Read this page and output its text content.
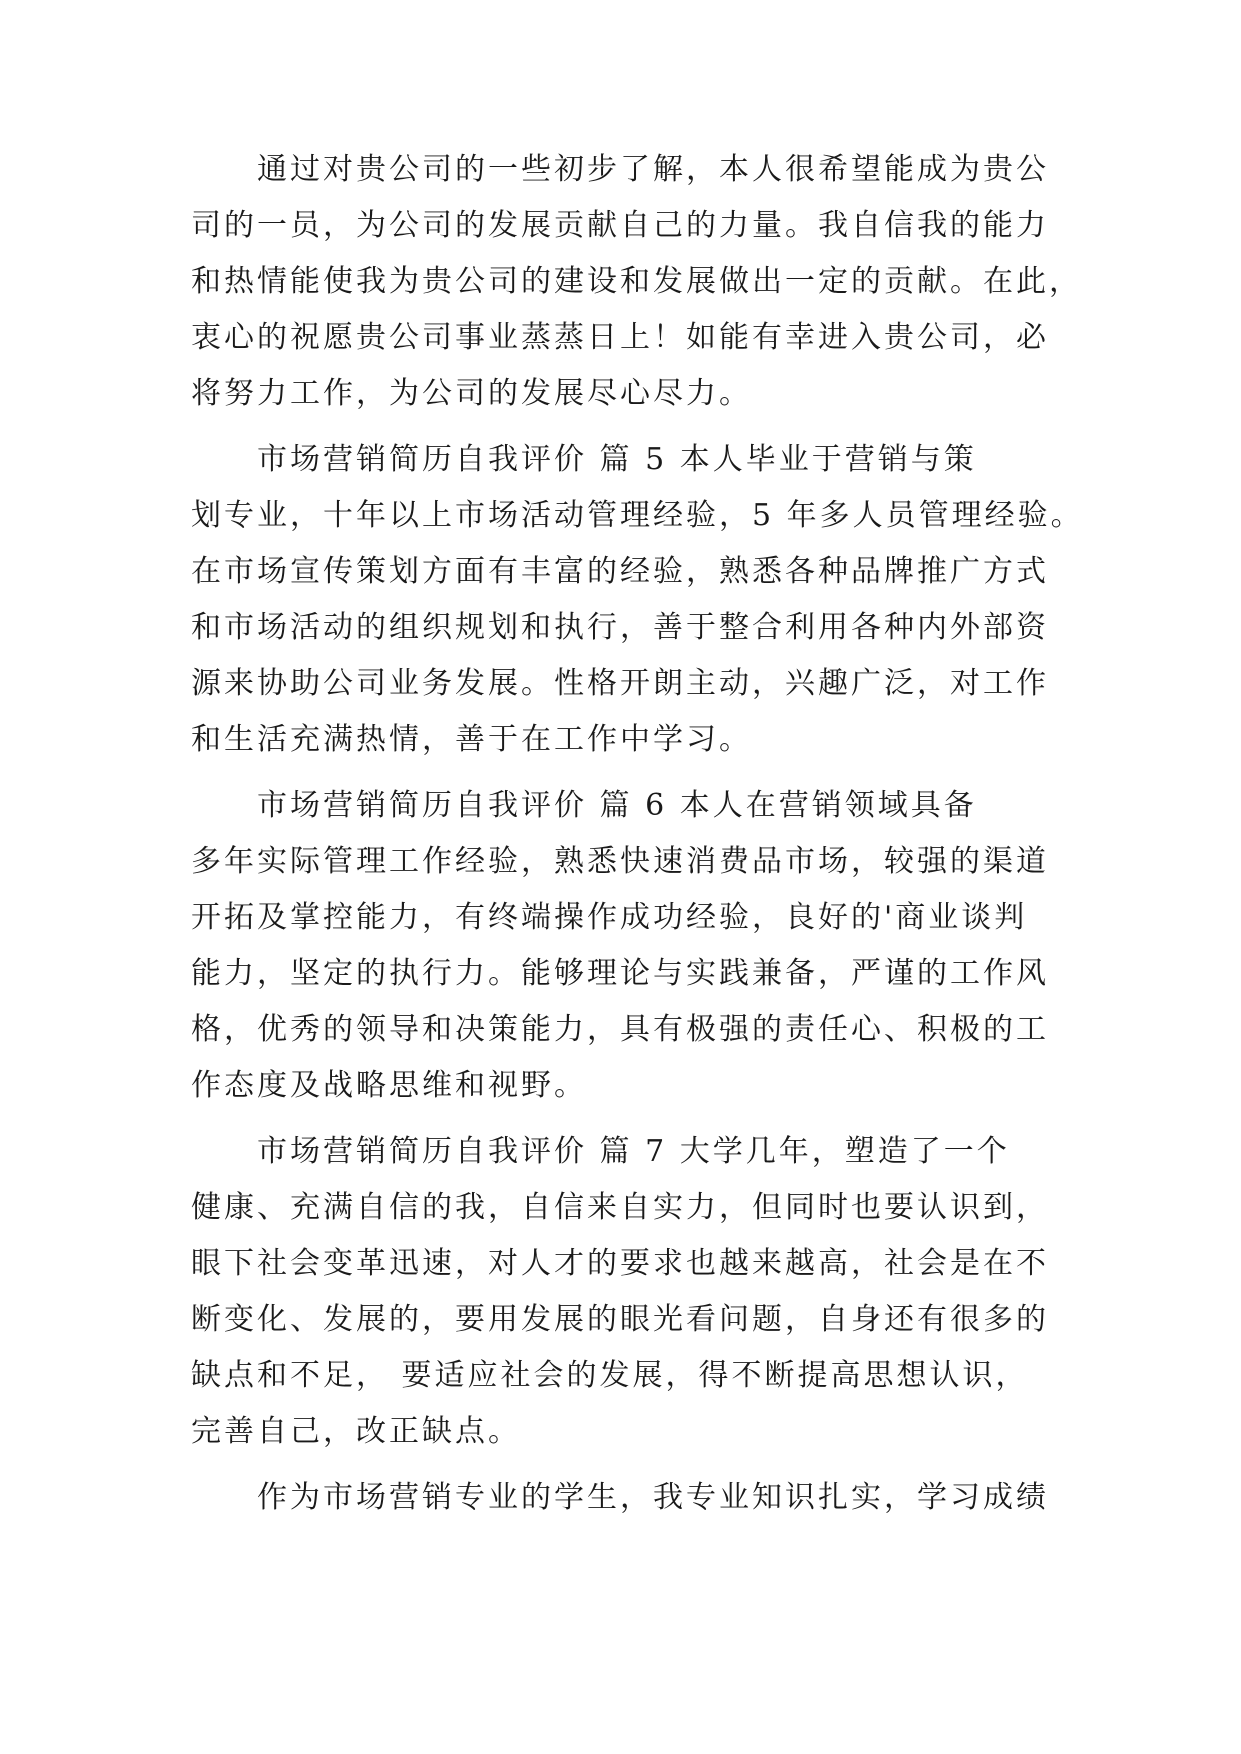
通过对贵公司的一些初步了解，本人很希望能成为贵公
司的一员，为公司的发展贡献自己的力量。我自信我的能力
和热情能使我为贵公司的建设和发展做出一定的贡献。在此，
衷心的祝愿贵公司事业蒸蒸日上！如能有幸进入贵公司，必
将努力工作，为公司的发展尽心尽力。
市场营销简历自我评价 篇 5 本人毕业于营销与策
划专业，十年以上市场活动管理经验，5 年多人员管理经验。
在市场宣传策划方面有丰富的经验，熟悉各种品牌推广方式
和市场活动的组织规划和执行，善于整合利用各种内外部资
源来协助公司业务发展。性格开朗主动，兴趣广泛，对工作
和生活充满热情，善于在工作中学习。
市场营销简历自我评价 篇 6 本人在营销领域具备
多年实际管理工作经验，熟悉快速消费品市场，较强的渠道
开拓及掌控能力，有终端操作成功经验，良好的'商业谈判
能力，坚定的执行力。能够理论与实践兼备，严谨的工作风
格，优秀的领导和决策能力，具有极强的责任心、积极的工
作态度及战略思维和视野。
市场营销简历自我评价 篇 7 大学几年，塑造了一个
健康、充满自信的我，自信来自实力，但同时也要认识到，
眼下社会变革迅速，对人才的要求也越来越高，社会是在不
断变化、发展的，要用发展的眼光看问题，自身还有很多的
缺点和不足， 要适应社会的发展，得不断提高思想认识，
完善自己，改正缺点。
作为市场营销专业的学生，我专业知识扎实，学习成绩
